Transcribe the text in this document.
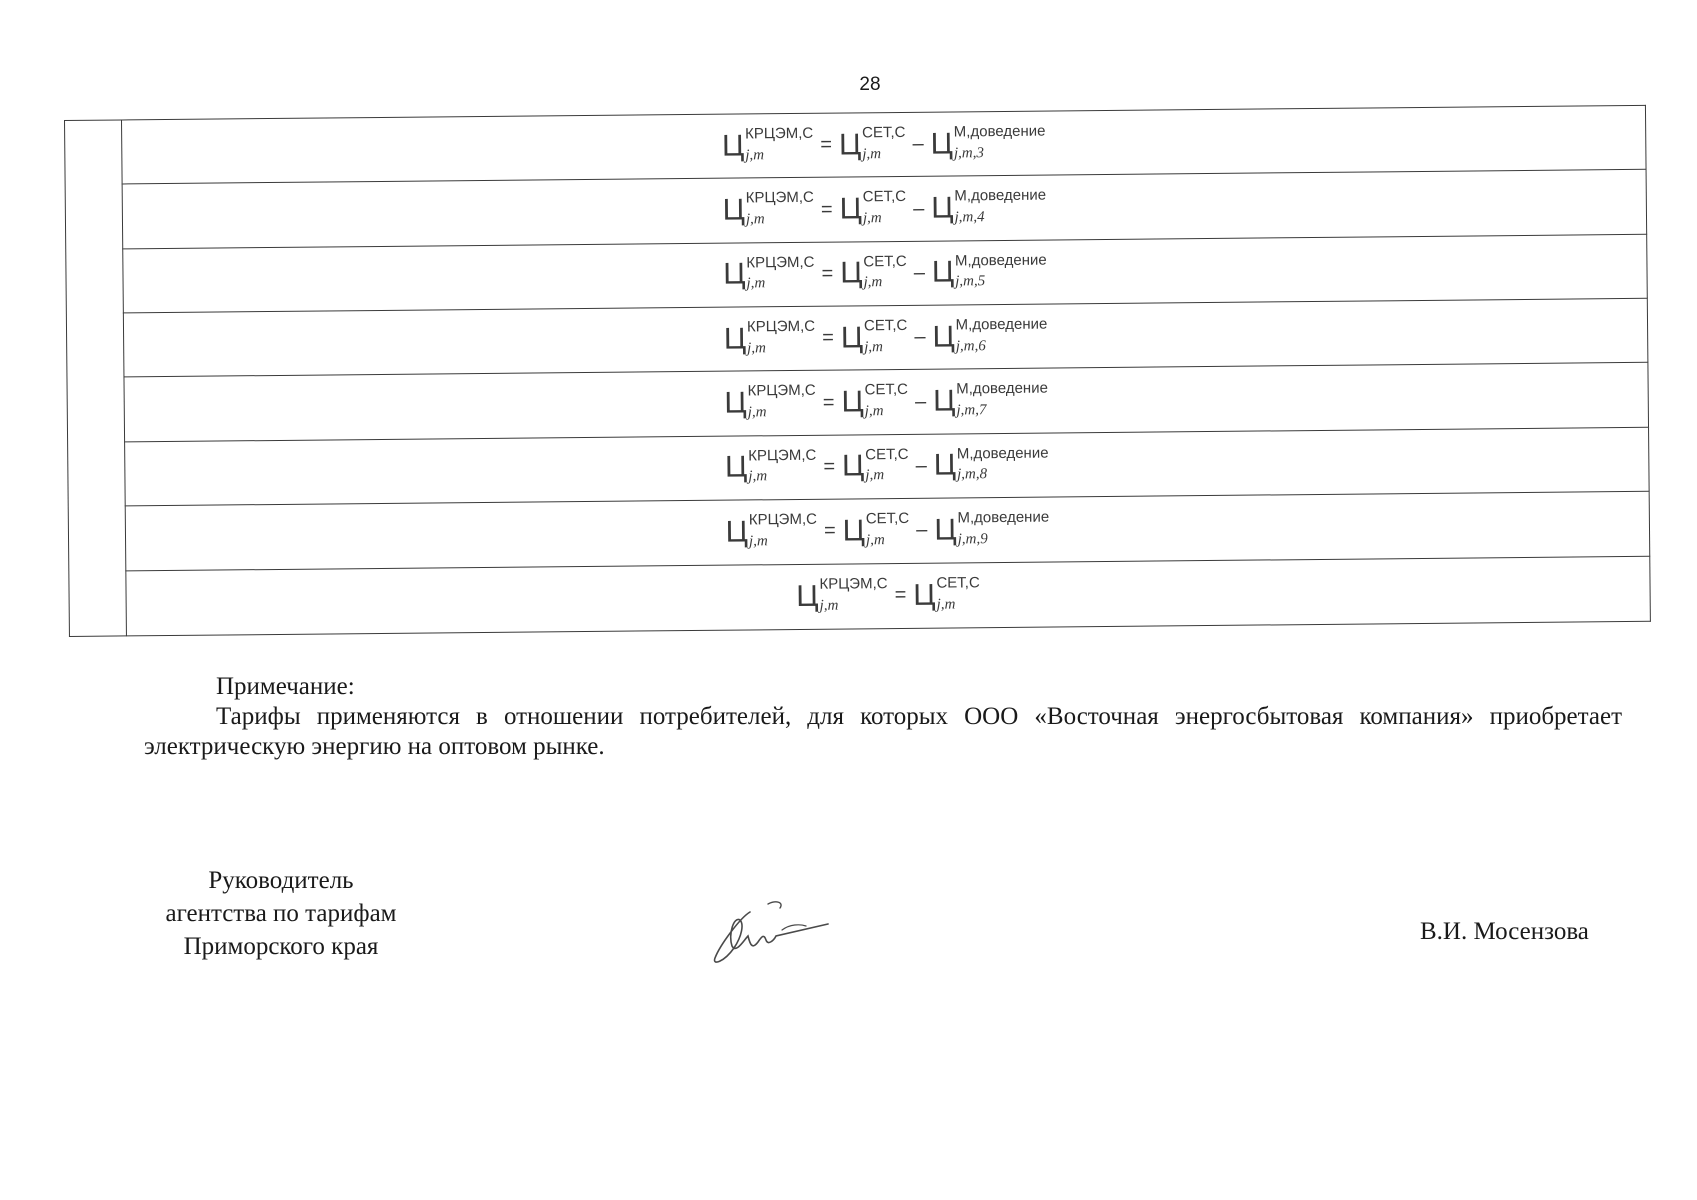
28

Ц КРЦЭМ,С
j,m	= Ц СЕТ,С
j,m	– Ц М,доведение
j,m,3

Ц КРЦЭМ,С
j,m	= Ц СЕТ,С
j,m	– Ц М,доведение
j,m,4

Ц КРЦЭМ,С
j,m	= Ц СЕТ,С
j,m	– Ц М,доведение
j,m,5

Ц КРЦЭМ,С
j,m	= Ц СЕТ,С
j,m	– Ц М,доведение
j,m,6

Ц КРЦЭМ,С
j,m	= Ц СЕТ,С
j,m	– Ц М,доведение
j,m,7

Ц КРЦЭМ,С
j,m	= Ц СЕТ,С
j,m	– Ц М,доведение
j,m,8

Ц КРЦЭМ,С
j,m	= Ц СЕТ,С
j,m	– Ц М,доведение
j,m,9

Ц КРЦЭМ,С
j,m	= Ц СЕТ,С
j,m
Примечание:

Тарифы применяются в отношении потребителей, для которых ООО «Восточная энергосбытовая компания» приобретает электрическую энергию на оптовом рынке.

Руководитель
агентства по тарифам
Приморского края
В.И. Мосензова
